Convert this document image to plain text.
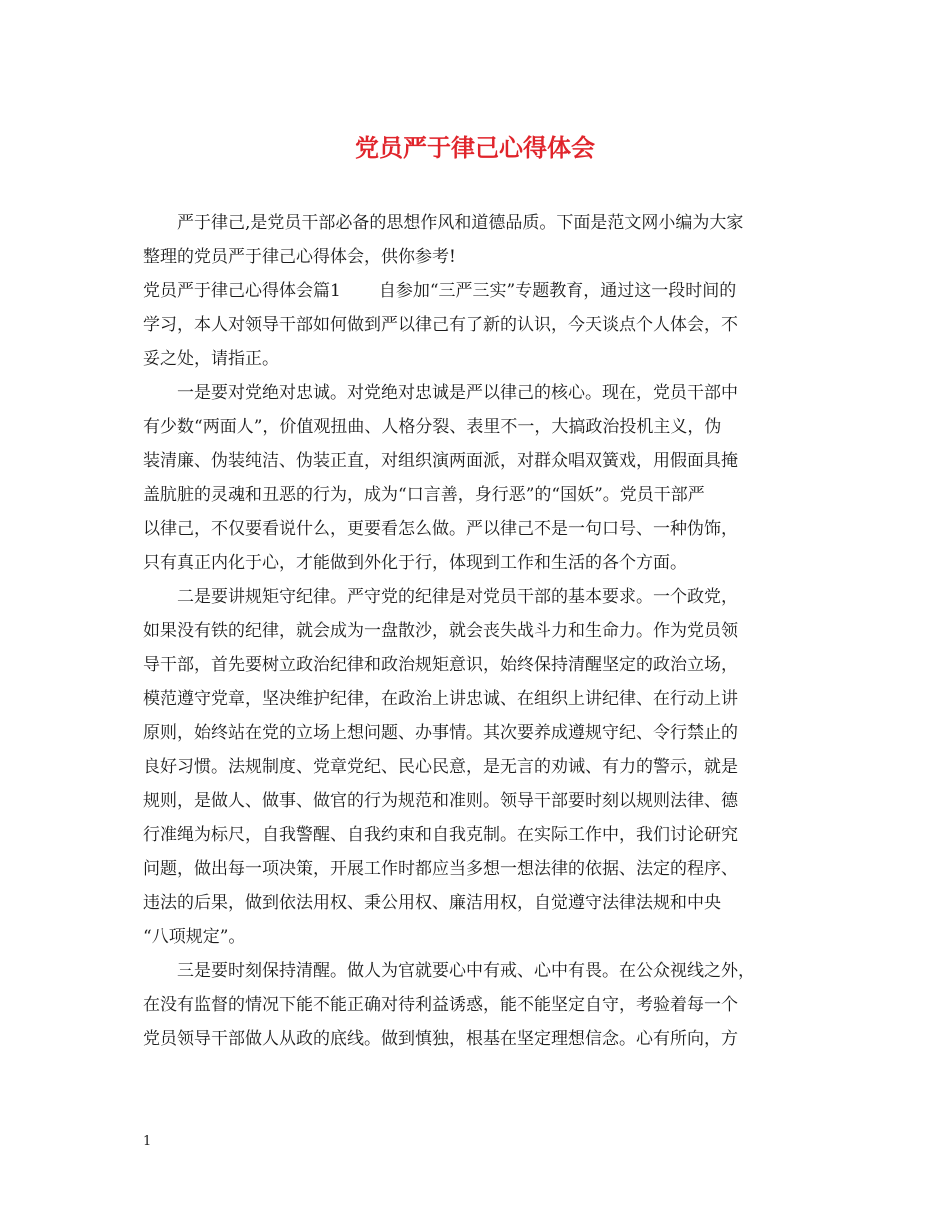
党员严于律己心得体会

严于律己,是党员干部必备的思想作风和道德品质。下面是范文网小编为大家

整理的党员严于律己心得体会，供你参考!

党员严于律己心得体会篇1 自参加“三严三实”专题教育，通过这一段时间的

学习，本人对领导干部如何做到严以律己有了新的认识，今天谈点个人体会，不

妥之处，请指正。

一是要对党绝对忠诚。对党绝对忠诚是严以律己的核心。现在，党员干部中

有少数“两面人”，价值观扭曲、人格分裂、表里不一，大搞政治投机主义，伪

装清廉、伪装纯洁、伪装正直，对组织演两面派，对群众唱双簧戏，用假面具掩

盖肮脏的灵魂和丑恶的行为，成为“口言善，身行恶”的“国妖”。党员干部严

以律己，不仅要看说什么，更要看怎么做。严以律己不是一句口号、一种伪饰，

只有真正内化于心，才能做到外化于行，体现到工作和生活的各个方面。

二是要讲规矩守纪律。严守党的纪律是对党员干部的基本要求。一个政党，

如果没有铁的纪律，就会成为一盘散沙，就会丧失战斗力和生命力。作为党员领

导干部，首先要树立政治纪律和政治规矩意识，始终保持清醒坚定的政治立场，

模范遵守党章，坚决维护纪律，在政治上讲忠诚、在组织上讲纪律、在行动上讲

原则，始终站在党的立场上想问题、办事情。其次要养成遵规守纪、令行禁止的

良好习惯。法规制度、党章党纪、民心民意，是无言的劝诫、有力的警示，就是

规则，是做人、做事、做官的行为规范和准则。领导干部要时刻以规则法律、德

行准绳为标尺，自我警醒、自我约束和自我克制。在实际工作中，我们讨论研究

问题，做出每一项决策，开展工作时都应当多想一想法律的依据、法定的程序、

违法的后果，做到依法用权、秉公用权、廉洁用权，自觉遵守法律法规和中央

“八项规定”。

三是要时刻保持清醒。做人为官就要心中有戒、心中有畏。在公众视线之外，

在没有监督的情况下能不能正确对待利益诱惑，能不能坚定自守，考验着每一个

党员领导干部做人从政的底线。做到慎独，根基在坚定理想信念。心有所向，方

1
